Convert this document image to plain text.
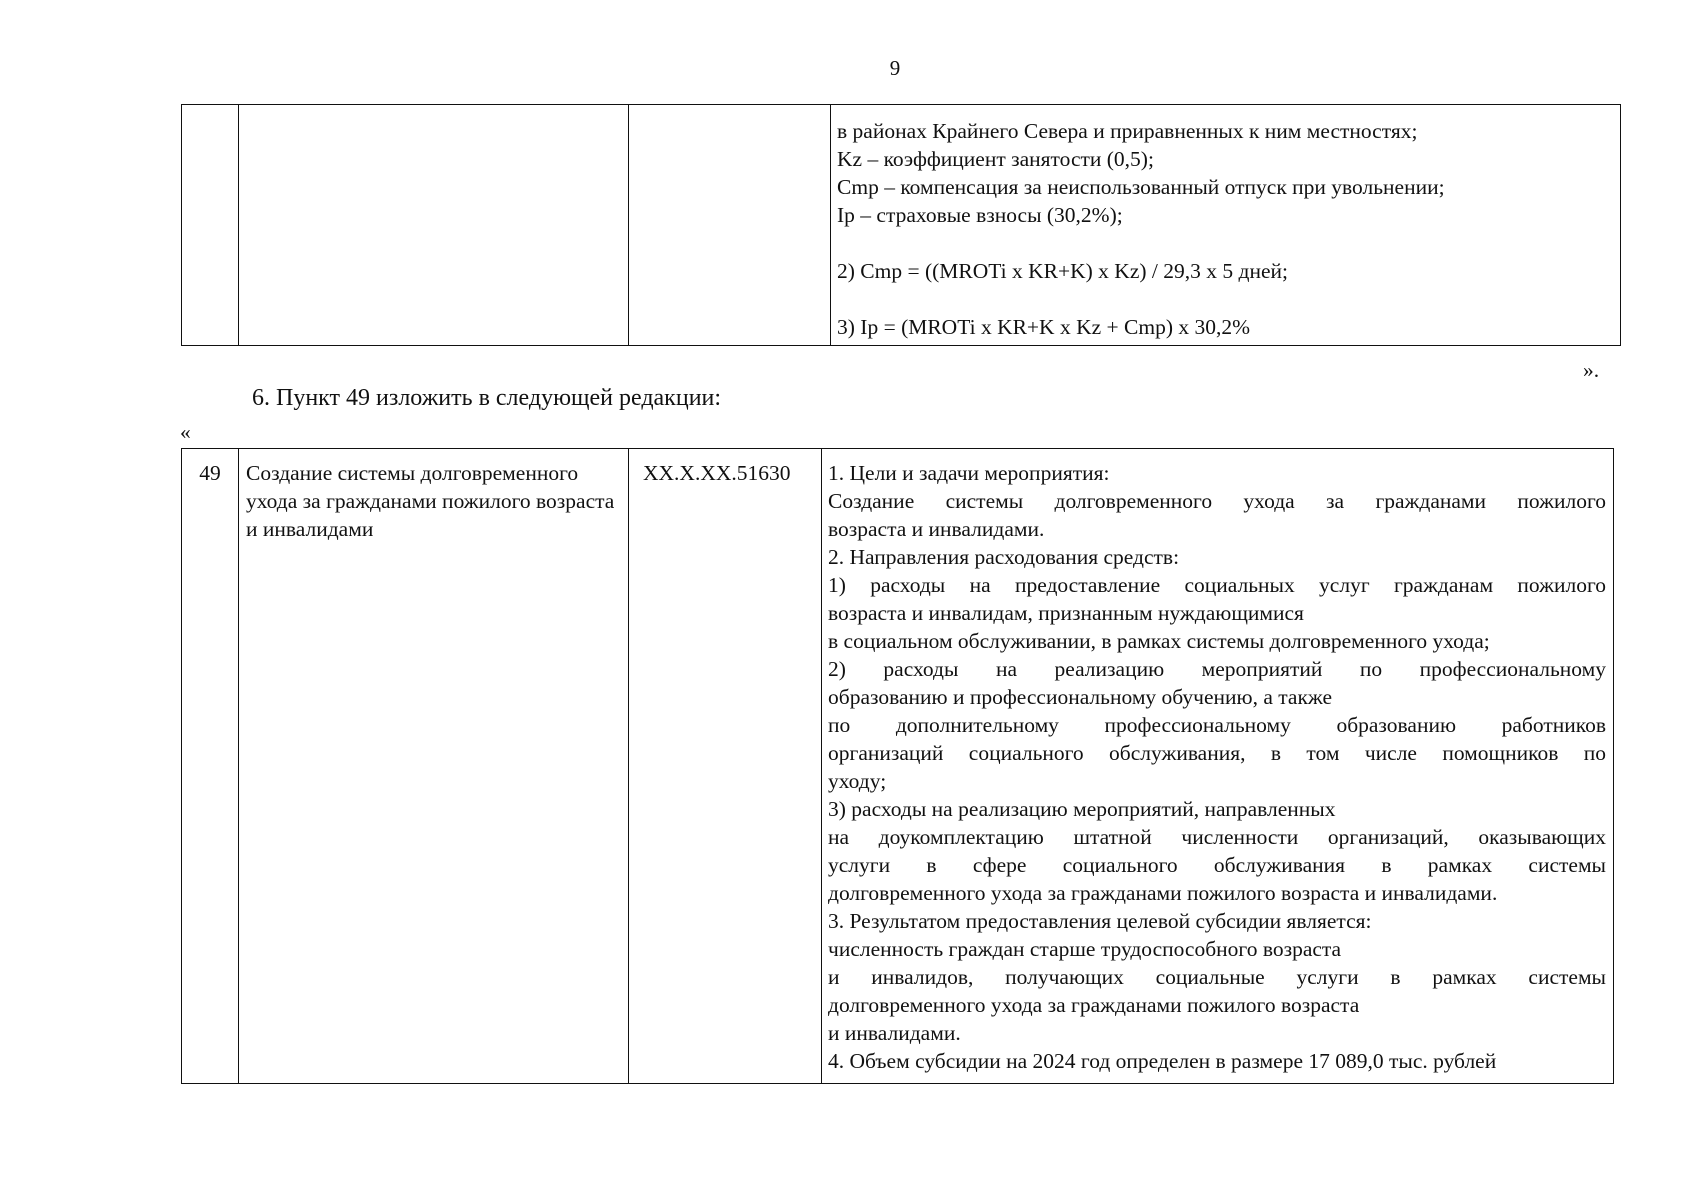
9

в районах Крайнего Севера и приравненных к ним местностях;

Kz – коэффициент занятости (0,5);

Cmp – компенсация за неиспользованный отпуск при увольнении;

Ip – страховые взносы (30,2%);

2) Cmp = ((MROTi x KR+K) x Kz) / 29,3 x 5 дней;

3) Ip = (MROTi x KR+K x Kz + Cmp) x 30,2%

».
6. Пункт 49 изложить в следующей редакции:
«
49	Создание системы долговременного ухода за гражданами пожилого возраста и инвалидами	XX.X.XX.51630	1. Цели и задачи мероприятия:

Создание системы долговременного ухода за гражданами пожилого

возраста и инвалидами.

2. Направления расходования средств:

1) расходы на предоставление социальных услуг гражданам пожилого

возраста и инвалидам, признанным нуждающимися

в социальном обслуживании, в рамках системы долговременного ухода;

2) расходы на реализацию мероприятий по профессиональному

образованию и профессиональному обучению, а также

по дополнительному профессиональному образованию работников

организаций социального обслуживания, в том числе помощников по

уходу;

3) расходы на реализацию мероприятий, направленных

на доукомплектацию штатной численности организаций, оказывающих

услуги в сфере социального обслуживания в рамках системы

долговременного ухода за гражданами пожилого возраста и инвалидами.

3. Результатом предоставления целевой субсидии является:

численность граждан старше трудоспособного возраста

и инвалидов, получающих социальные услуги в рамках системы

долговременного ухода за гражданами пожилого возраста

и инвалидами.

4. Объем субсидии на 2024 год определен в размере 17 089,0 тыс. рублей
